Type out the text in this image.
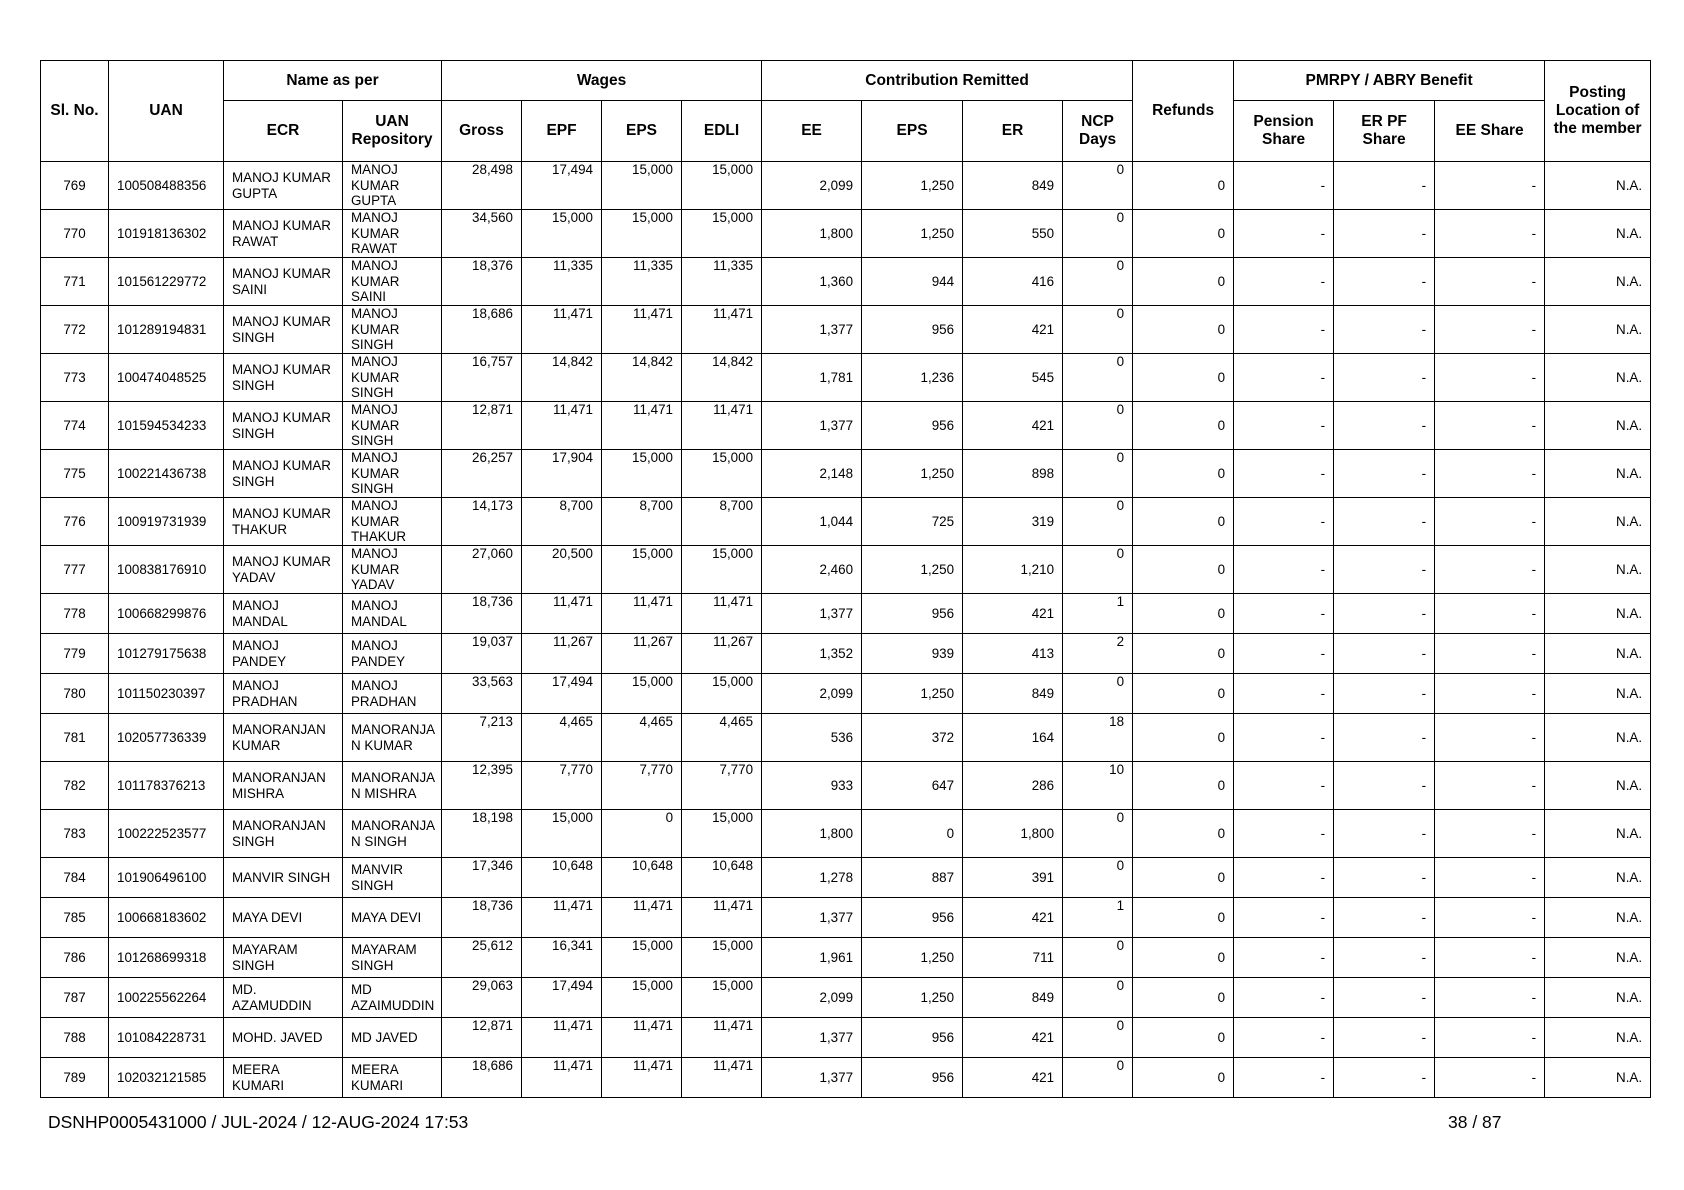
Sl. No.	UAN	Name as per		Wages				Contribution Remitted				Refunds	PMRPY / ABRY Benefit			Posting Location of the member
		ECR	UAN Repository	Gross	EPF	EPS	EDLI	EE	EPS	ER	NCP Days		Pension Share	ER PF Share	EE Share	
769	100508488356	MANOJ KUMAR GUPTA	MANOJ KUMAR GUPTA	28,498	17,494	15,000	15,000	2,099	1,250	849	0	0	-	-	-	N.A.
770	101918136302	MANOJ KUMAR RAWAT	MANOJ KUMAR RAWAT	34,560	15,000	15,000	15,000	1,800	1,250	550	0	0	-	-	-	N.A.
771	101561229772	MANOJ KUMAR SAINI	MANOJ KUMAR SAINI	18,376	11,335	11,335	11,335	1,360	944	416	0	0	-	-	-	N.A.
772	101289194831	MANOJ KUMAR SINGH	MANOJ KUMAR SINGH	18,686	11,471	11,471	11,471	1,377	956	421	0	0	-	-	-	N.A.
773	100474048525	MANOJ KUMAR SINGH	MANOJ KUMAR SINGH	16,757	14,842	14,842	14,842	1,781	1,236	545	0	0	-	-	-	N.A.
774	101594534233	MANOJ KUMAR SINGH	MANOJ KUMAR SINGH	12,871	11,471	11,471	11,471	1,377	956	421	0	0	-	-	-	N.A.
775	100221436738	MANOJ KUMAR SINGH	MANOJ KUMAR SINGH	26,257	17,904	15,000	15,000	2,148	1,250	898	0	0	-	-	-	N.A.
776	100919731939	MANOJ KUMAR THAKUR	MANOJ KUMAR THAKUR	14,173	8,700	8,700	8,700	1,044	725	319	0	0	-	-	-	N.A.
777	100838176910	MANOJ KUMAR YADAV	MANOJ KUMAR YADAV	27,060	20,500	15,000	15,000	2,460	1,250	1,210	0	0	-	-	-	N.A.
778	100668299876	MANOJ MANDAL	MANOJ MANDAL	18,736	11,471	11,471	11,471	1,377	956	421	1	0	-	-	-	N.A.
779	101279175638	MANOJ PANDEY	MANOJ PANDEY	19,037	11,267	11,267	11,267	1,352	939	413	2	0	-	-	-	N.A.
780	101150230397	MANOJ PRADHAN	MANOJ PRADHAN	33,563	17,494	15,000	15,000	2,099	1,250	849	0	0	-	-	-	N.A.
781	102057736339	MANORANJAN KUMAR	MANORANJA N KUMAR	7,213	4,465	4,465	4,465	536	372	164	18	0	-	-	-	N.A.
782	101178376213	MANORANJAN MISHRA	MANORANJA N MISHRA	12,395	7,770	7,770	7,770	933	647	286	10	0	-	-	-	N.A.
783	100222523577	MANORANJAN SINGH	MANORANJA N SINGH	18,198	15,000	0	15,000	1,800	0	1,800	0	0	-	-	-	N.A.
784	101906496100	MANVIR SINGH	MANVIR SINGH	17,346	10,648	10,648	10,648	1,278	887	391	0	0	-	-	-	N.A.
785	100668183602	MAYA DEVI	MAYA DEVI	18,736	11,471	11,471	11,471	1,377	956	421	1	0	-	-	-	N.A.
786	101268699318	MAYARAM SINGH	MAYARAM SINGH	25,612	16,341	15,000	15,000	1,961	1,250	711	0	0	-	-	-	N.A.
787	100225562264	MD. AZAMUDDIN	MD AZAIMUDDIN	29,063	17,494	15,000	15,000	2,099	1,250	849	0	0	-	-	-	N.A.
788	101084228731	MOHD. JAVED	MD JAVED	12,871	11,471	11,471	11,471	1,377	956	421	0	0	-	-	-	N.A.
789	102032121585	MEERA KUMARI	MEERA KUMARI	18,686	11,471	11,471	11,471	1,377	956	421	0	0	-	-	-	N.A.
DSNHP0005431000 / JUL-2024 / 12-AUG-2024 17:53	38 / 87
